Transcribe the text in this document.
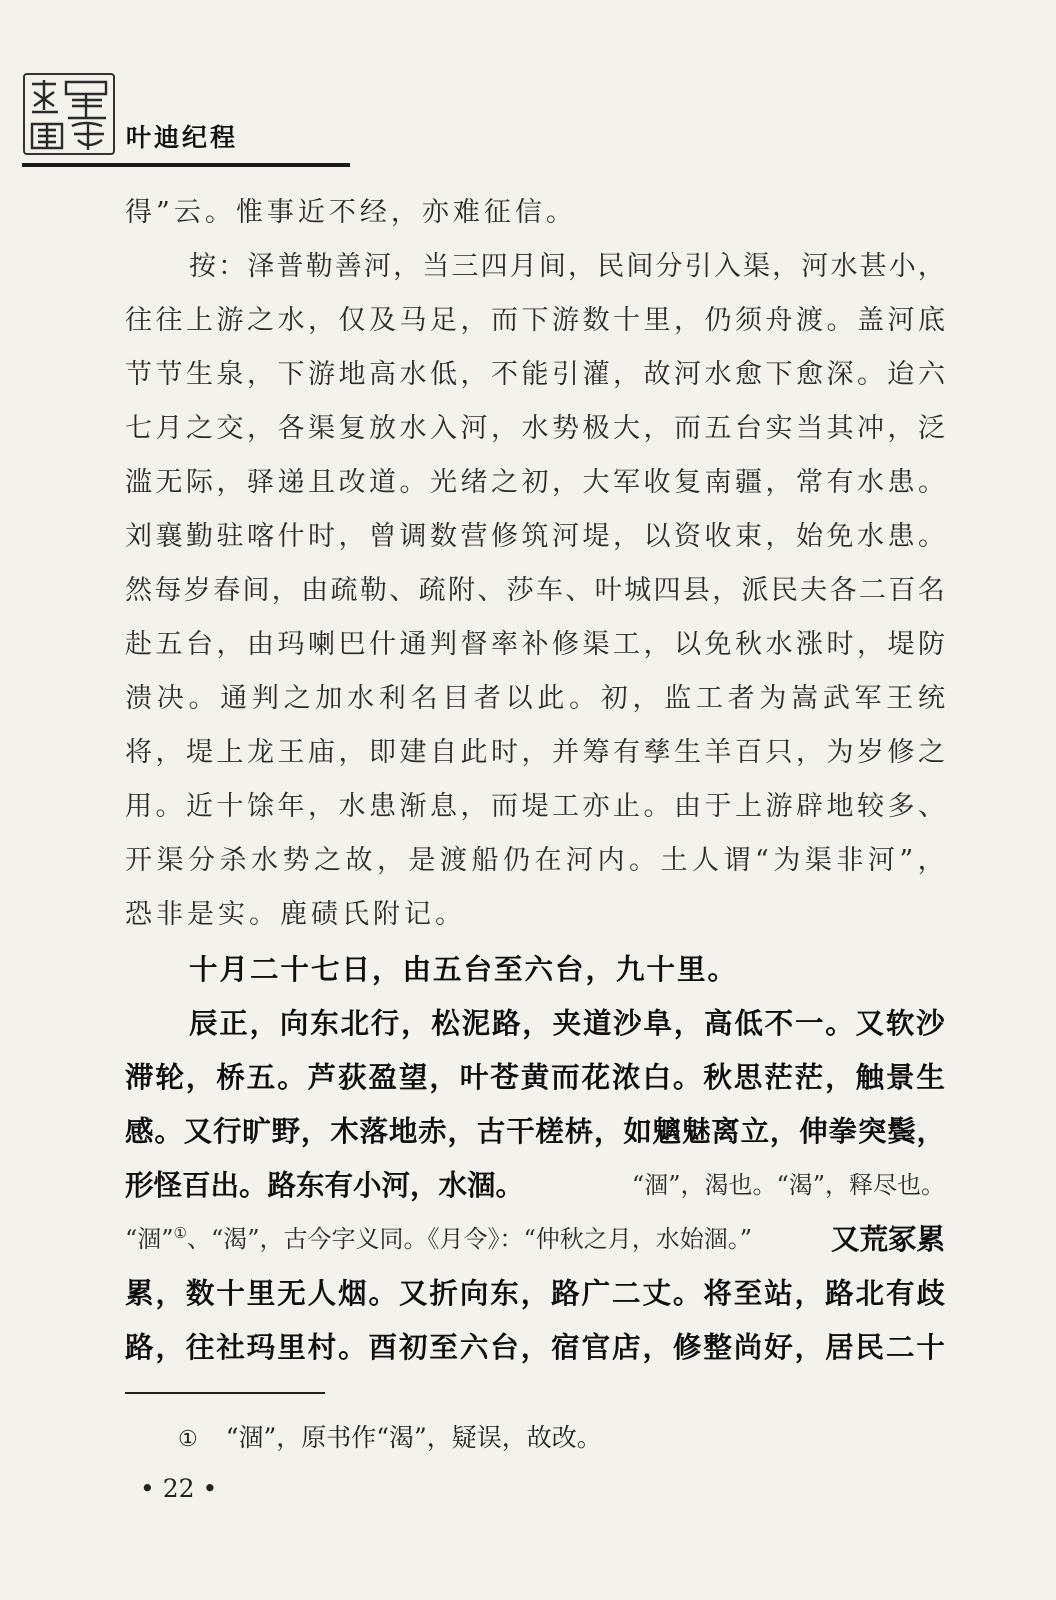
叶迪纪程
得 ” 云 。 惟 事 近 不 经 ， 亦 难 征 信 。
按 ： 泽 普 勒 善 河 ， 当 三 四 月 间 ， 民 间 分 引 入 渠 ， 河 水 甚 小 ，
往 往 上 游 之 水 ， 仅 及 马 足 ， 而 下 游 数 十 里 ， 仍 须 舟 渡 。 盖 河 底
节 节 生 泉 ， 下 游 地 高 水 低 ， 不 能 引 灌 ， 故 河 水 愈 下 愈 深 。 迨 六
七 月 之 交 ， 各 渠 复 放 水 入 河 ， 水 势 极 大 ， 而 五 台 实 当 其 冲 ， 泛
滥 无 际 ， 驿 递 且 改 道 。 光 绪 之 初 ， 大 军 收 复 南 疆 ， 常 有 水 患 。
刘 襄 勤 驻 喀 什 时 ， 曾 调 数 营 修 筑 河 堤 ， 以 资 收 束 ， 始 免 水 患 。
然 每 岁 春 间 ， 由 疏 勒 、 疏 附 、 莎 车 、 叶 城 四 县 ， 派 民 夫 各 二 百 名
赴 五 台 ， 由 玛 喇 巴 什 通 判 督 率 补 修 渠 工 ， 以 免 秋 水 涨 时 ， 堤 防
溃 决 。 通 判 之 加 水 利 名 目 者 以 此 。 初 ， 监 工 者 为 嵩 武 军 王 统
将 ， 堤 上 龙 王 庙 ， 即 建 自 此 时 ， 并 筹 有 孳 生 羊 百 只 ， 为 岁 修 之
用 。 近 十 馀 年 ， 水 患 渐 息 ， 而 堤 工 亦 止 。 由 于 上 游 辟 地 较 多 、
开 渠 分 杀 水 势 之 故 ， 是 渡 船 仍 在 河 内 。 土 人 谓 “ 为 渠 非 河 ” ，
恐 非 是 实 。 鹿 碛 氏 附 记 。
十月二十七日，由五台至六台，九十里。
辰 正 ， 向 东 北 行 ， 松 泥 路 ， 夹 道 沙 阜 ， 高 低 不 一 。 又 软 沙
滞 轮 ， 桥 五 。 芦 荻 盈 望 ， 叶 苍 黄 而 花 浓 白 。 秋 思 茫 茫 ， 触 景 生
感 。 又 行 旷 野 ， 木 落 地 赤 ， 古 干 槎 枿 ， 如 魑 魅 离 立 ， 伸 拳 突 鬓 ，
形怪百出。路东有小河，水涸。	“涸”，渴也。“渴”，释尽也。
“涸”①、“渴”，古今字义同。《月令》：“仲秋之月，水始涸。”	又荒冢累
累 ， 数 十 里 无 人 烟 。 又 折 向 东 ， 路 广 二 丈 。 将 至 站 ， 路 北 有 歧
路 ， 往 社 玛 里 村 。 酉 初 至 六 台 ， 宿 官 店 ， 修 整 尚 好 ， 居 民 二 十
① “涸”，原书作“渴”，疑误，故改。
• 22 •
